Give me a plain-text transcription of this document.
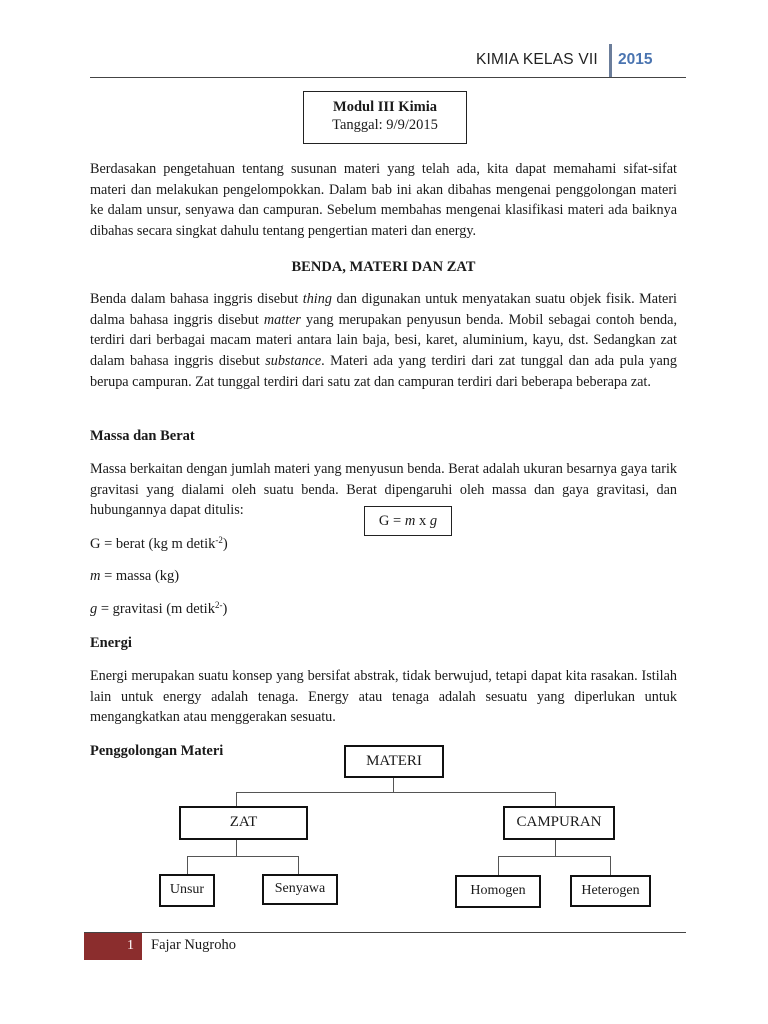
KIMIA KELAS VII 2015
Modul III Kimia
Tanggal: 9/9/2015
Berdasakan pengetahuan tentang susunan materi yang telah ada, kita dapat memahami sifat-sifat materi dan melakukan pengelompokkan. Dalam bab ini akan dibahas mengenai penggolongan materi ke dalam unsur, senyawa dan campuran. Sebelum membahas mengenai klasifikasi materi ada baiknya dibahas secara singkat dahulu tentang pengertian materi dan energy.
BENDA, MATERI DAN ZAT
Benda dalam bahasa inggris disebut thing dan digunakan untuk menyatakan suatu objek fisik. Materi dalma bahasa inggris disebut matter yang merupakan penyusun benda. Mobil sebagai contoh benda, terdiri dari berbagai macam materi antara lain baja, besi, karet, aluminium, kayu, dst. Sedangkan zat dalam bahasa inggris disebut substance. Materi ada yang terdiri dari zat tunggal dan ada pula yang berupa campuran. Zat tunggal terdiri dari satu zat dan campuran terdiri dari beberapa beberapa zat.
Massa dan Berat
Massa berkaitan dengan jumlah materi yang menyusun benda. Berat adalah ukuran besarnya gaya tarik gravitasi yang dialami oleh suatu benda. Berat dipengaruhi oleh massa dan gaya gravitasi, dan hubungannya dapat ditulis:
G = m x g
G = berat (kg m detik$^{-2}$)
m = massa (kg)
g = gravitasi (m detik$^{2-}$)
Energi
Energi merupakan suatu konsep yang bersifat abstrak, tidak berwujud, tetapi dapat kita rasakan. Istilah lain untuk energy adalah tenaga. Energy atau tenaga adalah sesuatu yang diperlukan untuk mengangkatkan atau menggerakan sesuatu.
Penggolongan Materi
MATERI
ZAT	CAMPURAN
Unsur	Senyawa	Homogen	Heterogen
1	Fajar Nugroho
